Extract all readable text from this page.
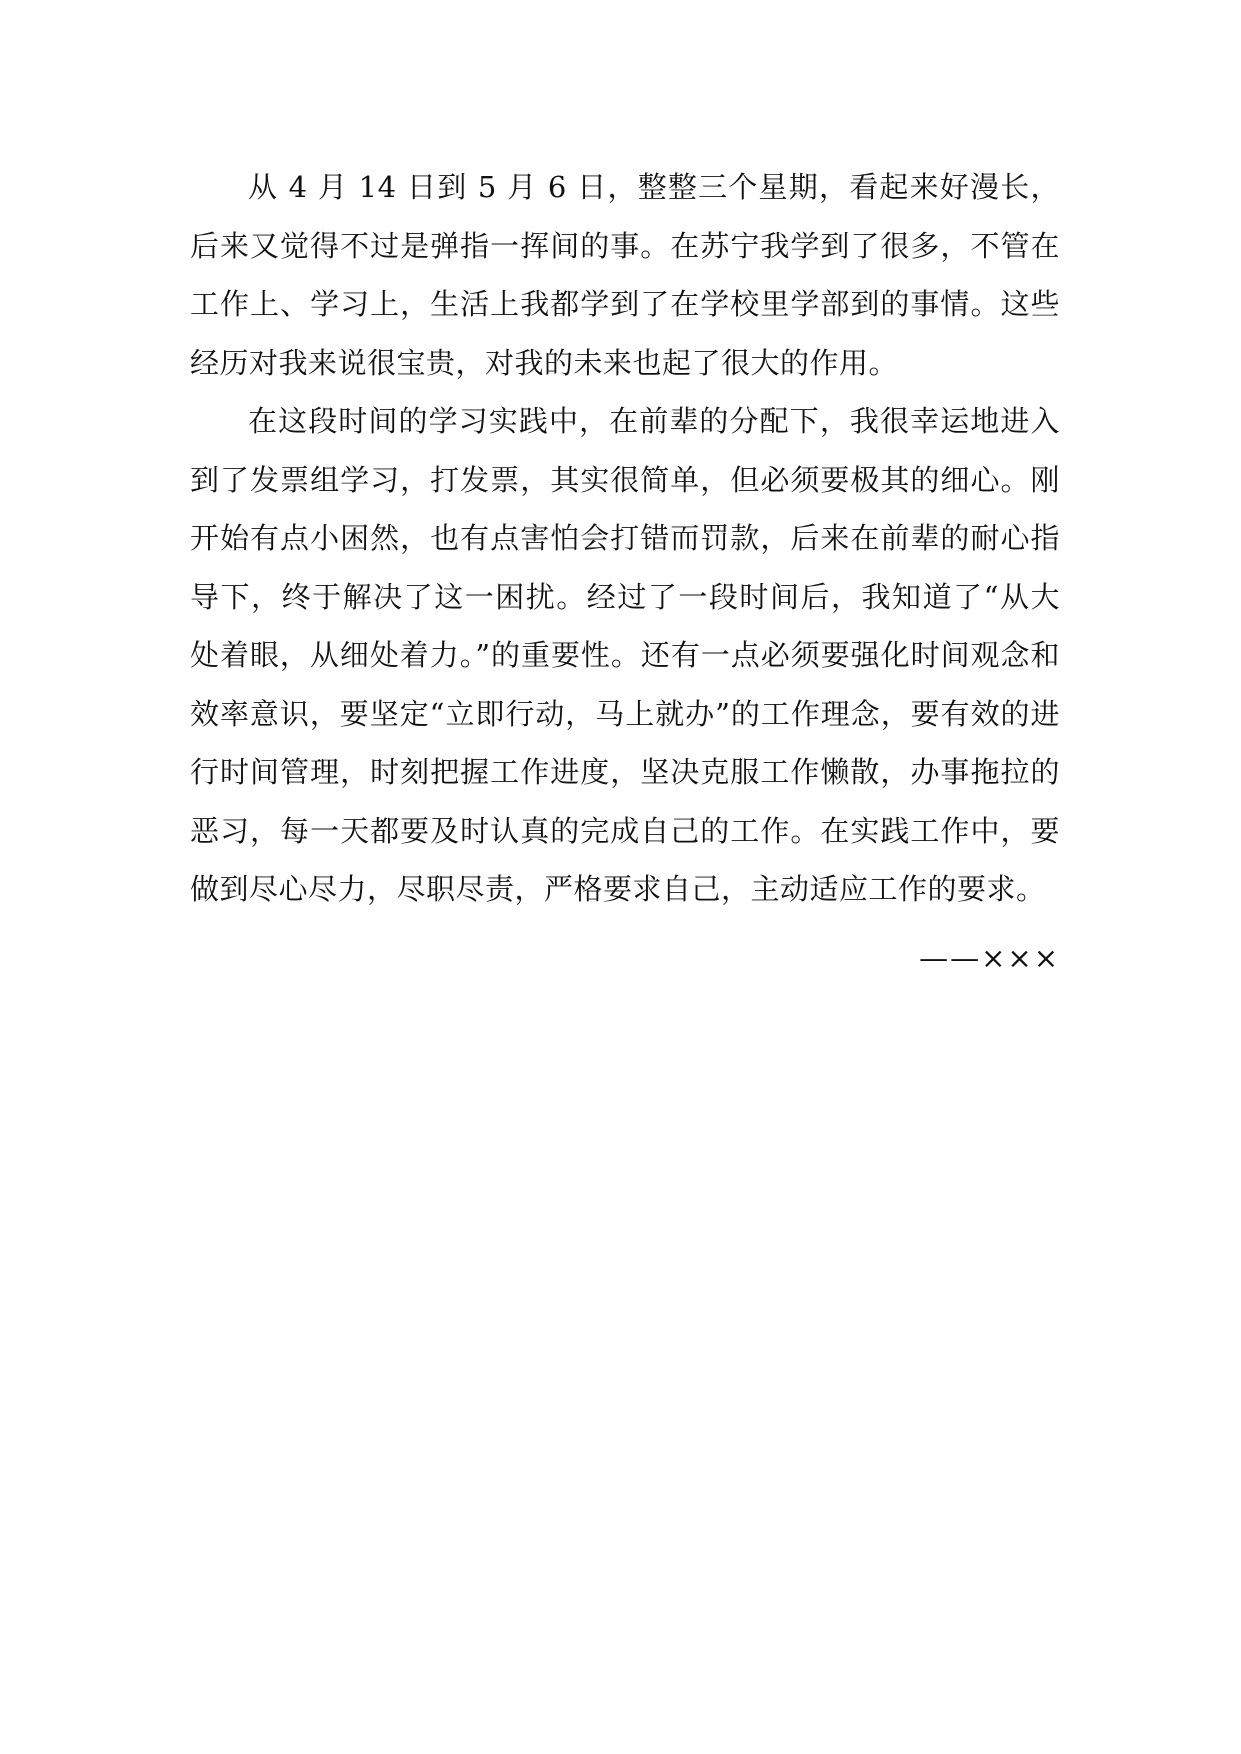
从 4 月 14 日到 5 月 6 日，整整三个星期，看起来好漫长，后来又觉得不过是弹指一挥间的事。在苏宁我学到了很多，不管在工作上、学习上，生活上我都学到了在学校里学部到的事情。这些经历对我来说很宝贵，对我的未来也起了很大的作用。

在这段时间的学习实践中，在前辈的分配下，我很幸运地进入到了发票组学习，打发票，其实很简单，但必须要极其的细心。刚开始有点小困然，也有点害怕会打错而罚款，后来在前辈的耐心指导下，终于解决了这一困扰。经过了一段时间后，我知道了“从大处着眼，从细处着力。”的重要性。还有一点必须要强化时间观念和效率意识，要坚定“立即行动，马上就办”的工作理念，要有效的进行时间管理，时刻把握工作进度，坚决克服工作懒散，办事拖拉的恶习，每一天都要及时认真的完成自己的工作。在实践工作中，要做到尽心尽力，尽职尽责，严格要求自己，主动适应工作的要求。

——×××
